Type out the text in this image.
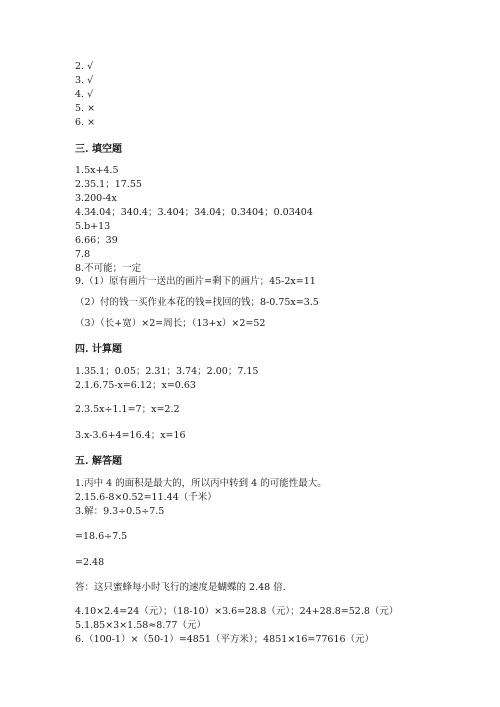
2. √
3. √
4. √
5. ×
6. ×
三. 填空题
1.5x+4.5
2.35.1；17.55
3.200-4x
4.34.04；340.4；3.404；34.04；0.3404；0.03404
5.b+13
6.66；39
7.8
8.不可能；一定
9.（1）原有画片一送出的画片=剩下的画片；45-2x=11
（2）付的钱一买作业本花的钱=找回的钱；8-0.75x=3.5
（3）（长+宽）×2=周长；（13+x）×2=52
四. 计算题
1.35.1；0.05；2.31；3.74；2.00；7.15
2.1.6.75-x=6.12；x=0.63
2.3.5x÷1.1=7；x=2.2
3.x-3.6+4=16.4；x=16
五. 解答题
1.丙中 4 的面积是最大的，所以丙中转到 4 的可能性最大。
2.15.6-8×0.52=11.44（千米）
3.解：9.3÷0.5÷7.5
=18.6÷7.5
=2.48
答：这只蜜蜂每小时飞行的速度是蝴蝶的 2.48 倍.
4.10×2.4=24（元）；（18-10）×3.6=28.8（元）；24+28.8=52.8（元）
5.1.85×3×1.58≈8.77（元）
6.（100-1）×（50-1）=4851（平方米）；4851×16=77616（元）
